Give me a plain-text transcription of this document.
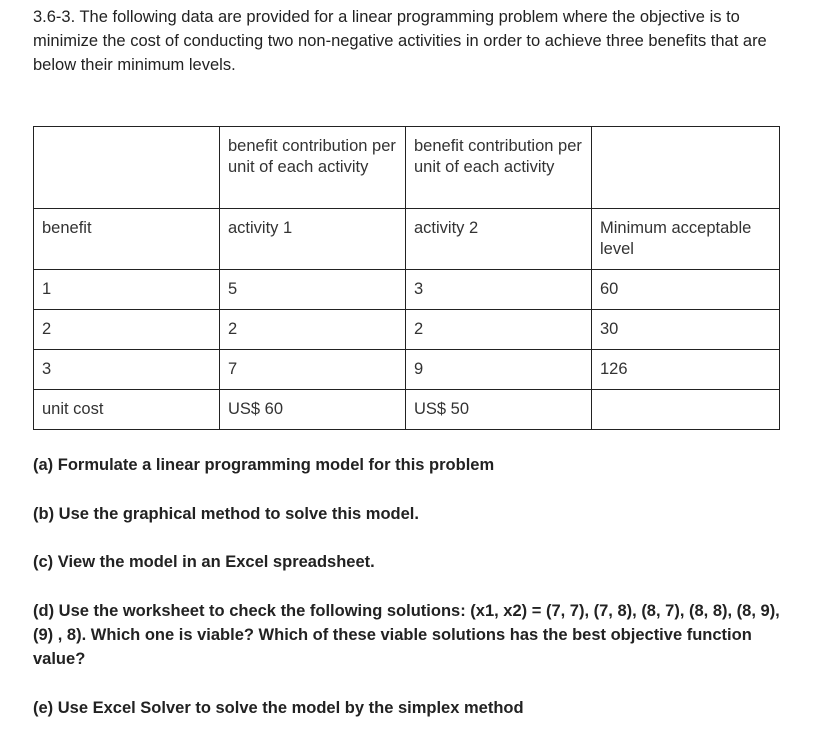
3.6-3. The following data are provided for a linear programming problem where the objective is to minimize the cost of conducting two non-negative activities in order to achieve three benefits that are below their minimum levels.

	benefit contribution per unit of each activity	benefit contribution per unit of each activity	
benefit	activity 1	activity 2	Minimum acceptable level
1	5	3	60
2	2	2	30
3	7	9	126
unit cost	US$ 60	US$ 50	

(a) Formulate a linear programming model for this problem

(b) Use the graphical method to solve this model.

(c) View the model in an Excel spreadsheet.

(d) Use the worksheet to check the following solutions: (x1, x2) = (7, 7), (7, 8), (8, 7), (8, 8), (8, 9), (9) , 8). Which one is viable? Which of these viable solutions has the best objective function value?

(e) Use Excel Solver to solve the model by the simplex method
